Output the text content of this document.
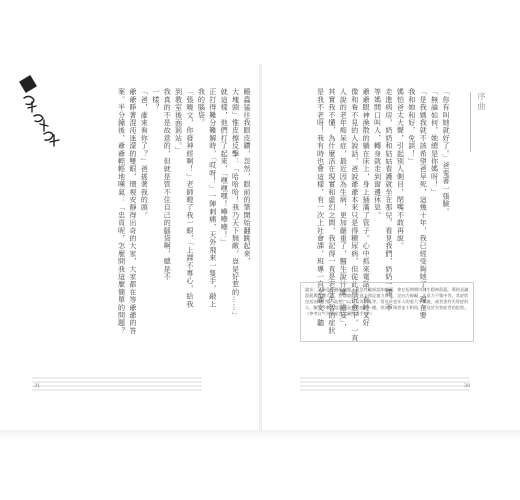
睡蟲猛往我眼皮鑽，忽然，眼前的筆開始翻跳起來，
大塊頭」惟皮擦反擊：「哈哈哈！我乃天下無敵，豈是好惹的……」
就這樣，他們打了起來，「嘿嘿嘿！嘩嘩嘩！」
正打得難分難解時，「哎呀！」一陣刺痛，天外飛來一隻手，敲上
我的腦袋。
「張曉文，你發神經啊！」老師瞪了我一眼，「上課不專心，給我
到教室後面罰站。」
我真的不是故意的，但就是管不住自己的腦袋啊，總是不
一樣？
「爸，誰來看你了？」爸搖著我的頭。
爺爺睜著混沌迷濛的雙眼，環視安靜得出奇的大家，大家都在等爺爺的答
案。半分鐘後，爺爺輕輕地嘆氣：「忠貢呢，怎麼問我這麼簡單的問題？	「你有叫她就好了。」爸鬼著一張臉。
「無論如何，她總是你媽呀！」
「是我媽我就不該希望爸早死，這幾十年，我已經受夠她了，現在要
我和她和好，免談！」
媽怕爸太大聲，引起別人側目，閉嘴不敢再說。
走進病房，奶奶和姑姑看護就坐在那兒，看見我們，奶奶一愣，不
等媽開口叫人，轉身就走到窗邊休息。
爺爺眼神渙散的躺在床上，身上插滿了管子。心中抓來電話，有時又好
像和看不見的人說話，爸說爺爺本來只是得糖尿病，但從此每況愈下，一直
人說的老年痴呆症，最近因為生病，更加嚴重了，醫生說什麼「譫妄」，
其實我不懂，為什麼活在現實和虛幻之間，我記得一直是老年失智的症狀
是我不老呀！我有時也會這樣，有一次上社會課，班導一直念課文，聽	序曲
譫妄：又稱急性錯亂狀態，是急性腦部認知障礙，會在短期間內發生精神混亂，導致意識混亂與身體大腦，對環境的注意力和記憶力降低，定向力障礙、注意力不集中等。其症狀包括出現幻覺、妄想，以及行為錯亂等。常見於老年人的重大手術後，或者患有失智症的人。雖然多數人認為這是失智症的一種，但其實兩者並不相同，常見於失智症者的症狀。（參考自《失智症者家屬照護手冊》）
31	30
